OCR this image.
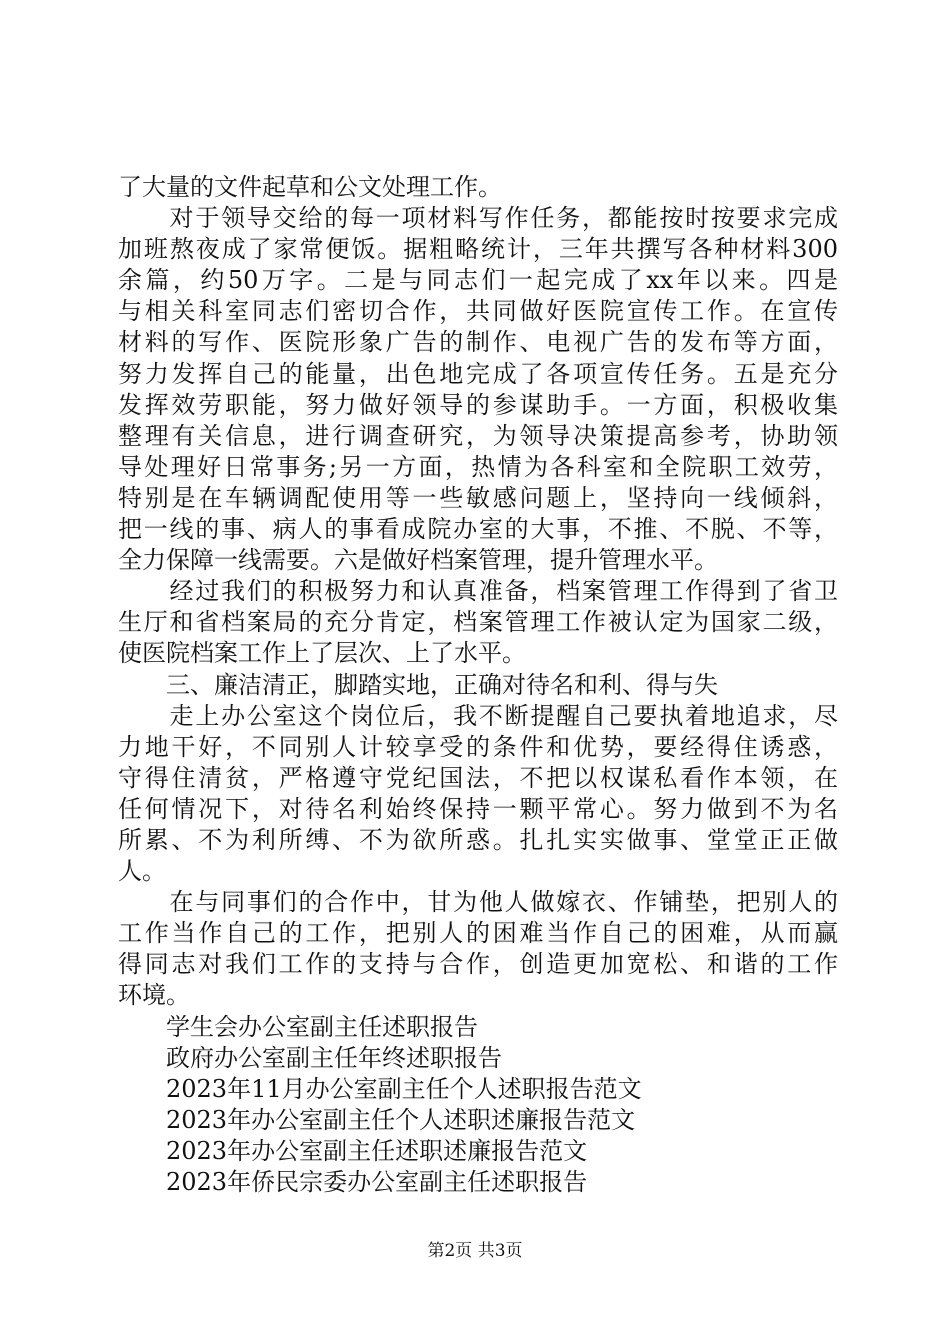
了大量的文件起草和公文处理工作。
　　对于领导交给的每一项材料写作任务，都能按时按要求完成
加班熬夜成了家常便饭。据粗略统计，三年共撰写各种材料300
余篇，约50万字。二是与同志们一起完成了xx年以来。四是
与相关科室同志们密切合作，共同做好医院宣传工作。在宣传
材料的写作、医院形象广告的制作、电视广告的发布等方面，
努力发挥自己的能量，出色地完成了各项宣传任务。五是充分
发挥效劳职能，努力做好领导的参谋助手。一方面，积极收集
整理有关信息，进行调查研究，为领导决策提高参考，协助领
导处理好日常事务;另一方面，热情为各科室和全院职工效劳，
特别是在车辆调配使用等一些敏感问题上，坚持向一线倾斜，
把一线的事、病人的事看成院办室的大事，不推、不脱、不等，
全力保障一线需要。六是做好档案管理，提升管理水平。
　　经过我们的积极努力和认真准备，档案管理工作得到了省卫
生厅和省档案局的充分肯定，档案管理工作被认定为国家二级，
使医院档案工作上了层次、上了水平。
　　三、廉洁清正，脚踏实地，正确对待名和利、得与失
　　走上办公室这个岗位后，我不断提醒自己要执着地追求，尽
力地干好，不同别人计较享受的条件和优势，要经得住诱惑，
守得住清贫，严格遵守党纪国法，不把以权谋私看作本领，在
任何情况下，对待名利始终保持一颗平常心。努力做到不为名
所累、不为利所缚、不为欲所惑。扎扎实实做事、堂堂正正做
人。
　　在与同事们的合作中，甘为他人做嫁衣、作铺垫，把别人的
工作当作自己的工作，把别人的困难当作自己的困难，从而赢
得同志对我们工作的支持与合作，创造更加宽松、和谐的工作
环境。
　　学生会办公室副主任述职报告
　　政府办公室副主任年终述职报告
　　2023年11月办公室副主任个人述职报告范文
　　2023年办公室副主任个人述职述廉报告范文
　　2023年办公室副主任述职述廉报告范文
　　2023年侨民宗委办公室副主任述职报告
第2页 共3页
